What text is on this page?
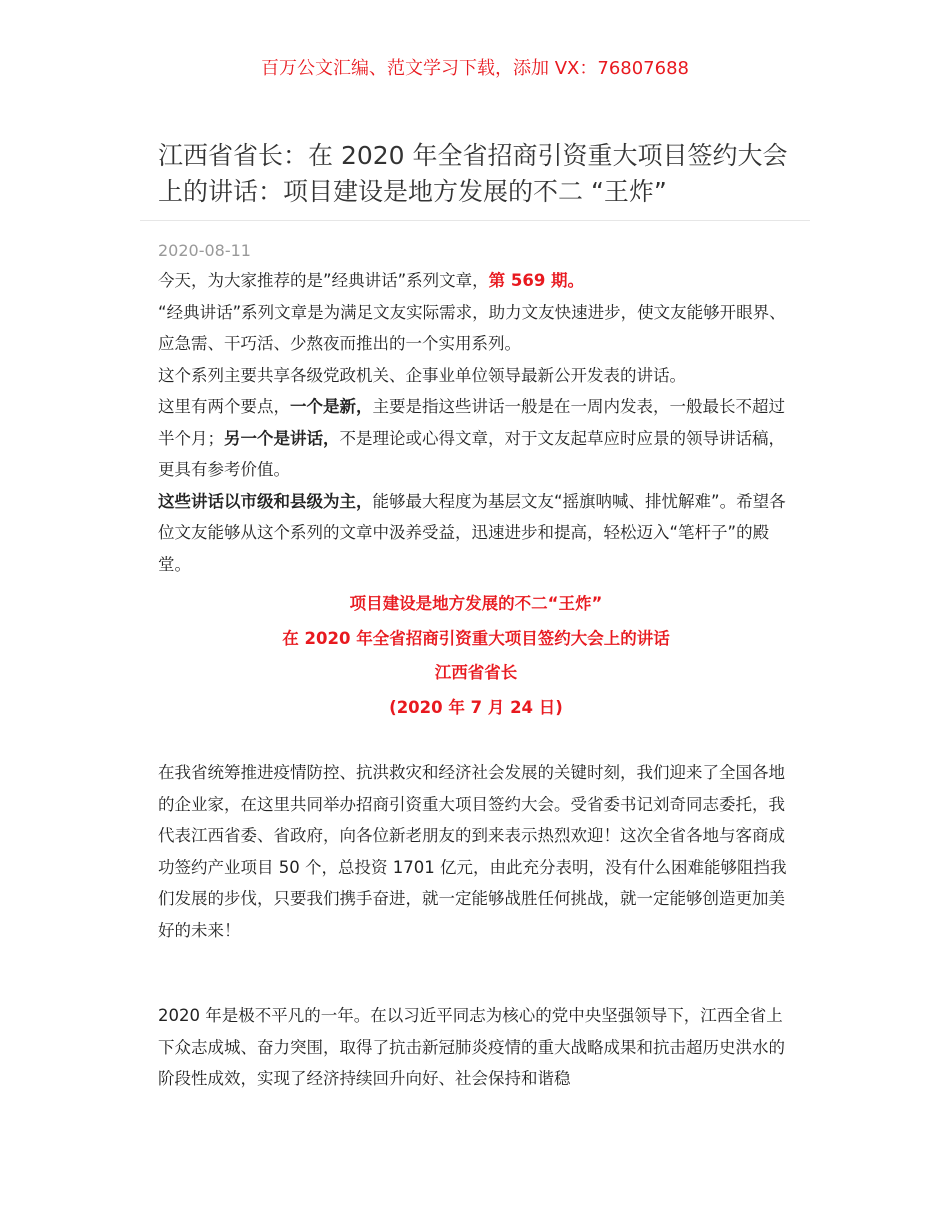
百万公文汇编、范文学习下载，添加 VX：76807688
江西省省长：在 2020 年全省招商引资重大项目签约大会上的讲话：项目建设是地方发展的不二 “王炸”
2020-08-11

今天，为大家推荐的是”经典讲话”系列文章，第 569 期。

“经典讲话”系列文章是为满足文友实际需求，助力文友快速进步，使文友能够开眼界、应急需、干巧活、少熬夜而推出的一个实用系列。

这个系列主要共享各级党政机关、企事业单位领导最新公开发表的讲话。

这里有两个要点，一个是新，主要是指这些讲话一般是在一周内发表，一般最长不超过半个月；另一个是讲话，不是理论或心得文章，对于文友起草应时应景的领导讲话稿，更具有参考价值。

这些讲话以市级和县级为主，能够最大程度为基层文友“摇旗呐喊、排忧解难”。希望各位文友能够从这个系列的文章中汲养受益，迅速进步和提高，轻松迈入“笔杆子”的殿堂。

项目建设是地方发展的不二“王炸”
在 2020 年全省招商引资重大项目签约大会上的讲话
江西省省长
(2020 年 7 月 24 日)

在我省统筹推进疫情防控、抗洪救灾和经济社会发展的关键时刻，我们迎来了全国各地的企业家，在这里共同举办招商引资重大项目签约大会。受省委书记刘奇同志委托，我代表江西省委、省政府，向各位新老朋友的到来表示热烈欢迎！这次全省各地与客商成功签约产业项目 50 个，总投资 1701 亿元，由此充分表明，没有什么困难能够阻挡我们发展的步伐，只要我们携手奋进，就一定能够战胜任何挑战，就一定能够创造更加美好的未来！

2020 年是极不平凡的一年。在以习近平同志为核心的党中央坚强领导下，江西全省上下众志成城、奋力突围，取得了抗击新冠肺炎疫情的重大战略成果和抗击超历史洪水的阶段性成效，实现了经济持续回升向好、社会保持和谐稳
